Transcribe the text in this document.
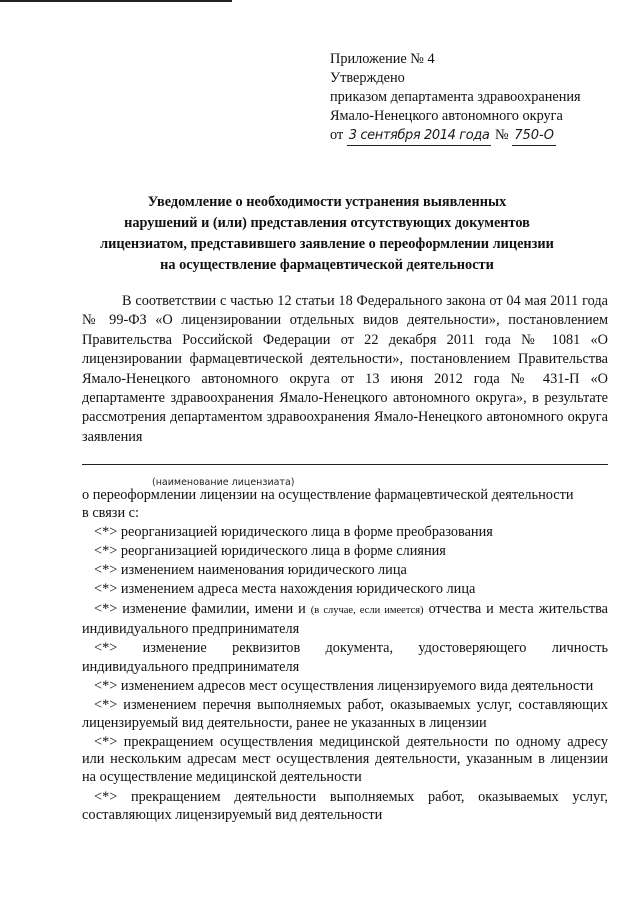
Приложение № 4
Утверждено
приказом департамента здравоохранения
Ямало-Ненецкого автономного округа
от 3 сентября 2014 года № 750-О
Уведомление о необходимости устранения выявленных
нарушений и (или) представления отсутствующих документов
лицензиатом, представившего заявление о переоформлении лицензии
на осуществление фармацевтической деятельности
В соответствии с частью 12 статьи 18 Федерального закона от 04 мая 2011 года № 99-ФЗ «О лицензировании отдельных видов деятельности», постановлением Правительства Российской Федерации от 22 декабря 2011 года № 1081 «О лицензировании фармацевтической деятельности», постановлением Правительства Ямало-Ненецкого автономного округа от 13 июня 2012 года № 431-П «О департаменте здравоохранения Ямало-Ненецкого автономного округа», в результате рассмотрения департаментом здравоохранения Ямало-Ненецкого автономного округа заявления
(наименование лицензиата)
о переоформлении лицензии на осуществление фармацевтической деятельности
в связи с:
<*> реорганизацией юридического лица в форме преобразования
<*> реорганизацией юридического лица в форме слияния
<*> изменением наименования юридического лица
<*> изменением адреса места нахождения юридического лица
<*> изменение фамилии, имени и (в случае, если имеется) отчества и места жительства индивидуального предпринимателя
<*> изменение реквизитов документа, удостоверяющего личность индивидуального предпринимателя
<*> изменением адресов мест осуществления лицензируемого вида деятельности
<*> изменением перечня выполняемых работ, оказываемых услуг, составляющих лицензируемый вид деятельности, ранее не указанных в лицензии
<*> прекращением осуществления медицинской деятельности по одному адресу или нескольким адресам мест осуществления деятельности, указанным в лицензии на осуществление медицинской деятельности
<*> прекращением деятельности выполняемых работ, оказываемых услуг, составляющих лицензируемый вид деятельности
